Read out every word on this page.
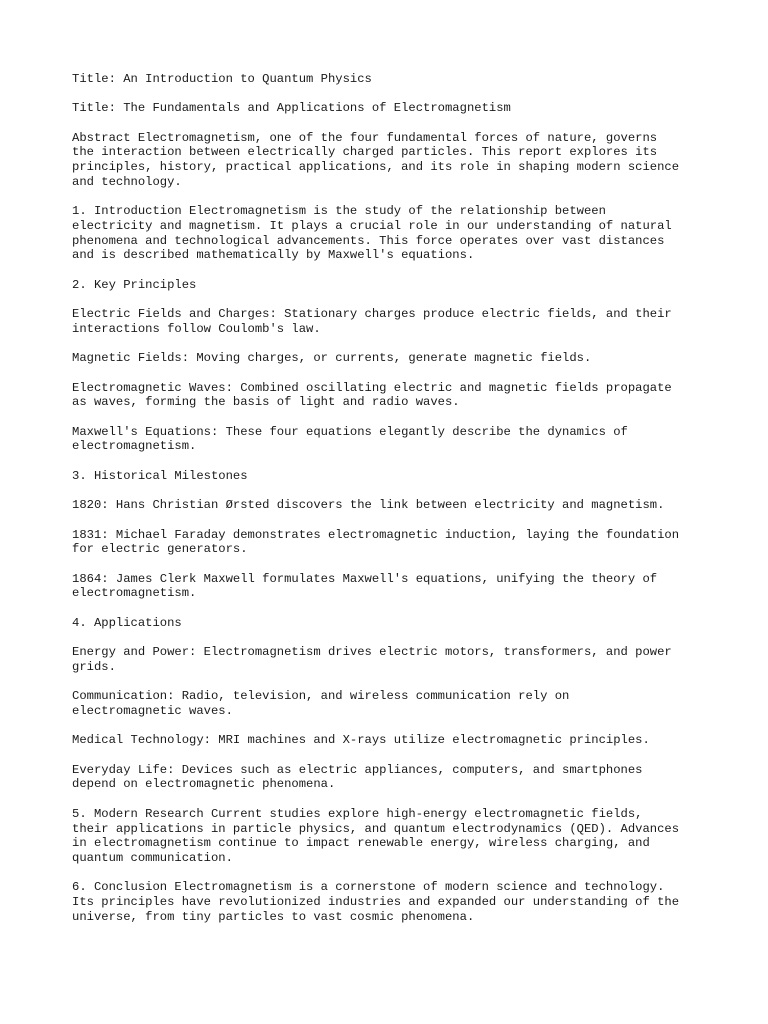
Title: An Introduction to Quantum Physics

Title: The Fundamentals and Applications of Electromagnetism

Abstract Electromagnetism, one of the four fundamental forces of nature, governs
the interaction between electrically charged particles. This report explores its
principles, history, practical applications, and its role in shaping modern science
and technology.

1. Introduction Electromagnetism is the study of the relationship between
electricity and magnetism. It plays a crucial role in our understanding of natural
phenomena and technological advancements. This force operates over vast distances
and is described mathematically by Maxwell's equations.

2. Key Principles

Electric Fields and Charges: Stationary charges produce electric fields, and their
interactions follow Coulomb's law.

Magnetic Fields: Moving charges, or currents, generate magnetic fields.

Electromagnetic Waves: Combined oscillating electric and magnetic fields propagate
as waves, forming the basis of light and radio waves.

Maxwell's Equations: These four equations elegantly describe the dynamics of
electromagnetism.

3. Historical Milestones

1820: Hans Christian Ørsted discovers the link between electricity and magnetism.

1831: Michael Faraday demonstrates electromagnetic induction, laying the foundation
for electric generators.

1864: James Clerk Maxwell formulates Maxwell's equations, unifying the theory of
electromagnetism.

4. Applications

Energy and Power: Electromagnetism drives electric motors, transformers, and power
grids.

Communication: Radio, television, and wireless communication rely on
electromagnetic waves.

Medical Technology: MRI machines and X-rays utilize electromagnetic principles.

Everyday Life: Devices such as electric appliances, computers, and smartphones
depend on electromagnetic phenomena.

5. Modern Research Current studies explore high-energy electromagnetic fields,
their applications in particle physics, and quantum electrodynamics (QED). Advances
in electromagnetism continue to impact renewable energy, wireless charging, and
quantum communication.

6. Conclusion Electromagnetism is a cornerstone of modern science and technology.
Its principles have revolutionized industries and expanded our understanding of the
universe, from tiny particles to vast cosmic phenomena.
